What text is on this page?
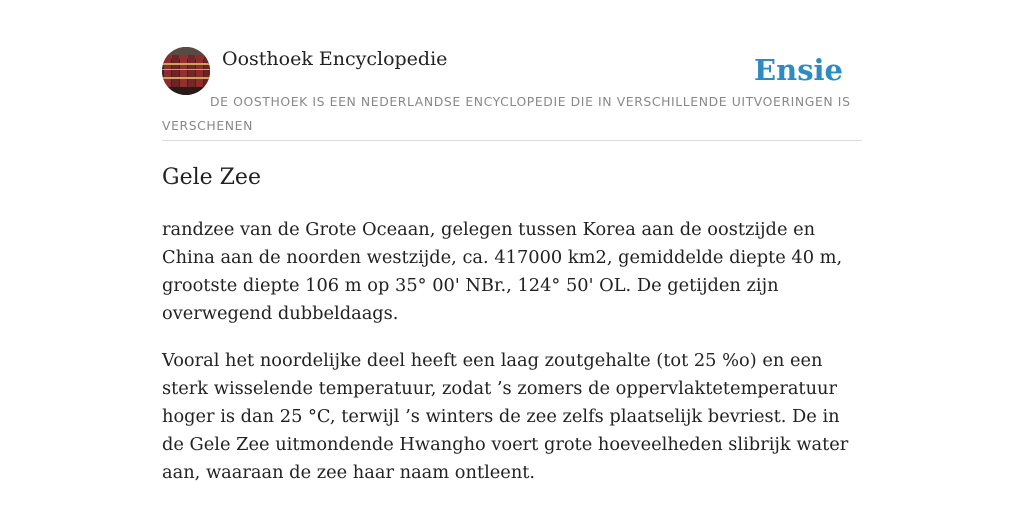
Oosthoek Encyclopedie	Ensie
DE OOSTHOEK IS EEN NEDERLANDSE ENCYCLOPEDIE DIE IN VERSCHILLENDE UITVOERINGEN IS VERSCHENEN
Gele Zee

randzee van de Grote Oceaan, gelegen tussen Korea aan de oostzijde en China aan de noorden westzijde, ca. 417000 km2, gemiddelde diepte 40 m, grootste diepte 106 m op 35° 00' NBr., 124° 50' OL. De getijden zijn overwegend dubbeldaags.

Vooral het noordelijke deel heeft een laag zoutgehalte (tot 25 %o) en een sterk wisselende temperatuur, zodat ’s zomers de oppervlaktetemperatuur hoger is dan 25 °C, terwijl ’s winters de zee zelfs plaatselijk bevriest. De in de Gele Zee uitmondende Hwangho voert grote hoeveelheden slibrijk water aan, waaraan de zee haar naam ontleent.
